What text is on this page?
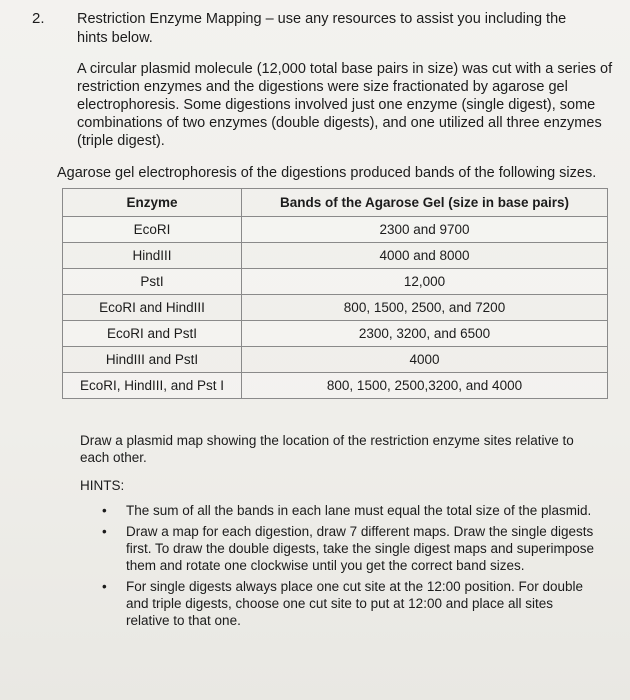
2. Restriction Enzyme Mapping – use any resources to assist you including the hints below.
A circular plasmid molecule (12,000 total base pairs in size) was cut with a series of restriction enzymes and the digestions were size fractionated by agarose gel electrophoresis. Some digestions involved just one enzyme (single digest), some combinations of two enzymes (double digests), and one utilized all three enzymes (triple digest).
Agarose gel electrophoresis of the digestions produced bands of the following sizes.
Enzyme	Bands of the Agarose Gel (size in base pairs)
EcoRI	2300 and 9700
HindIII	4000 and 8000
PstI	12,000
EcoRI and HindIII	800, 1500, 2500, and 7200
EcoRI and PstI	2300, 3200, and 6500
HindIII and PstI	4000
EcoRI, HindIII, and Pst I	800, 1500, 2500,3200, and 4000
Draw a plasmid map showing the location of the restriction enzyme sites relative to each other.
HINTS:
• The sum of all the bands in each lane must equal the total size of the plasmid.
• Draw a map for each digestion, draw 7 different maps. Draw the single digests first. To draw the double digests, take the single digest maps and superimpose them and rotate one clockwise until you get the correct band sizes.
• For single digests always place one cut site at the 12:00 position. For double and triple digests, choose one cut site to put at 12:00 and place all sites relative to that one.
